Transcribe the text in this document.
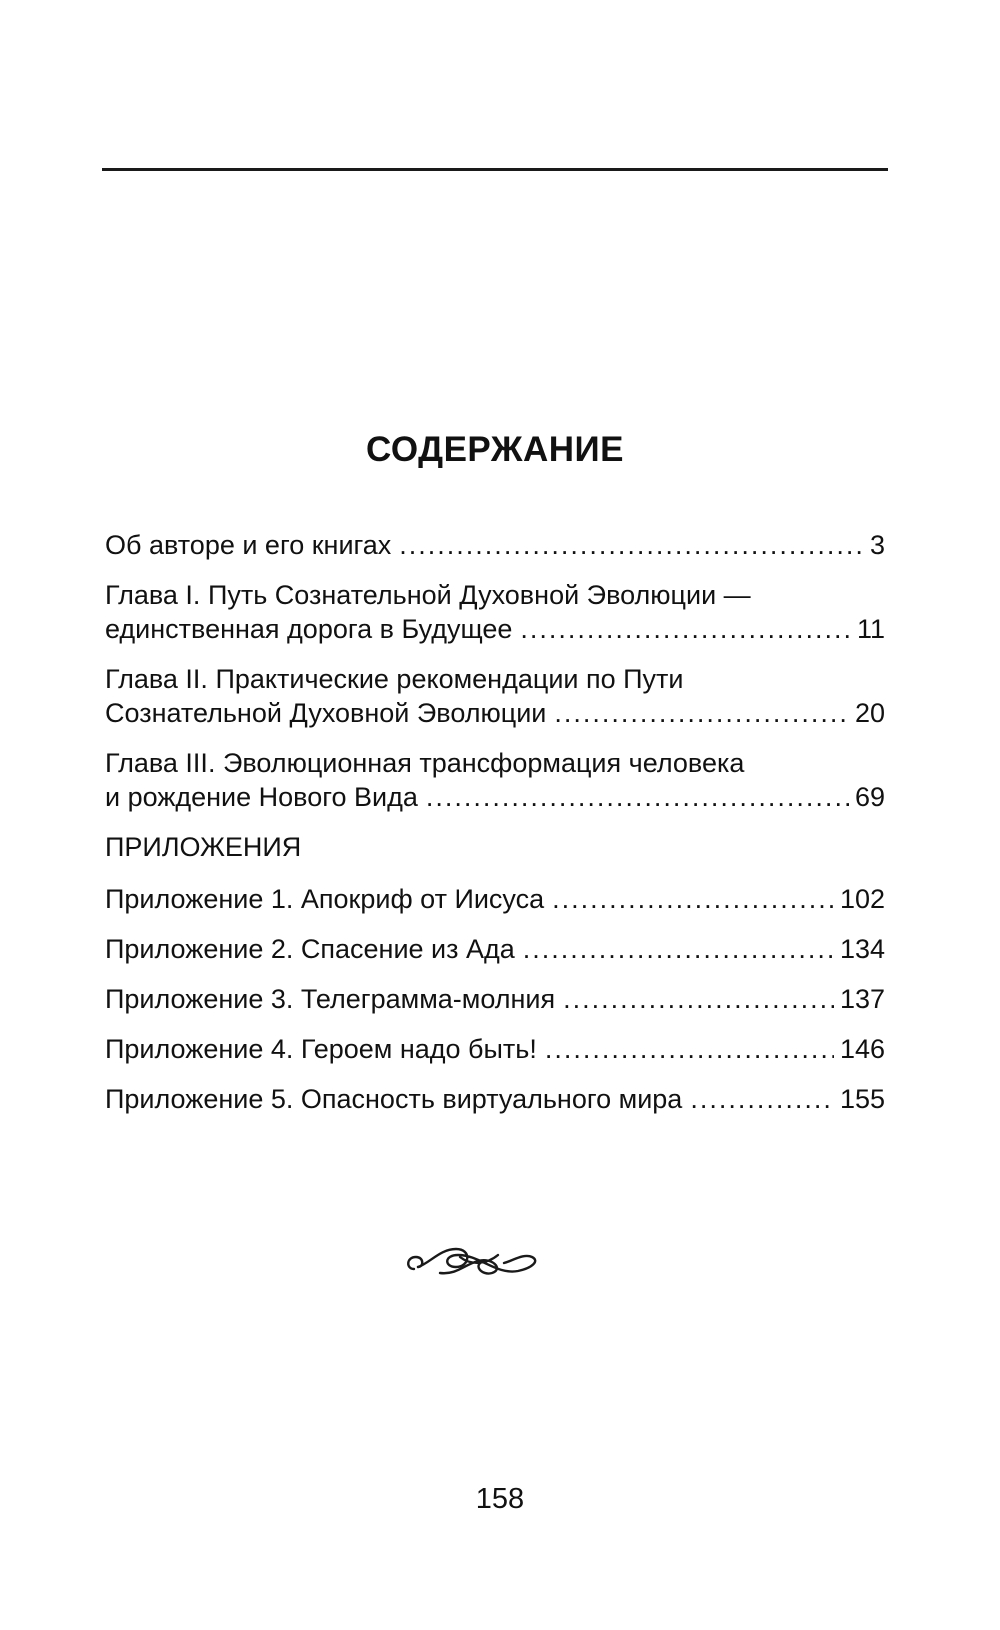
СОДЕРЖАНИЕ
Об авторе и его книгах .....	3
Глава I. Путь Сознательной Духовной Эволюции —
единственная дорога в Будущее .....	11
Глава II. Практические рекомендации по Пути
Сознательной Духовной Эволюции .....	20
Глава III. Эволюционная трансформация человека
и рождение Нового Вида .....	69
ПРИЛОЖЕНИЯ
Приложение 1. Апокриф от Иисуса .....	102
Приложение 2. Спасение из Ада .....	134
Приложение 3. Телеграмма-молния .....	137
Приложение 4. Героем надо быть! .....	146
Приложение 5. Опасность виртуального мира .....	155
158
